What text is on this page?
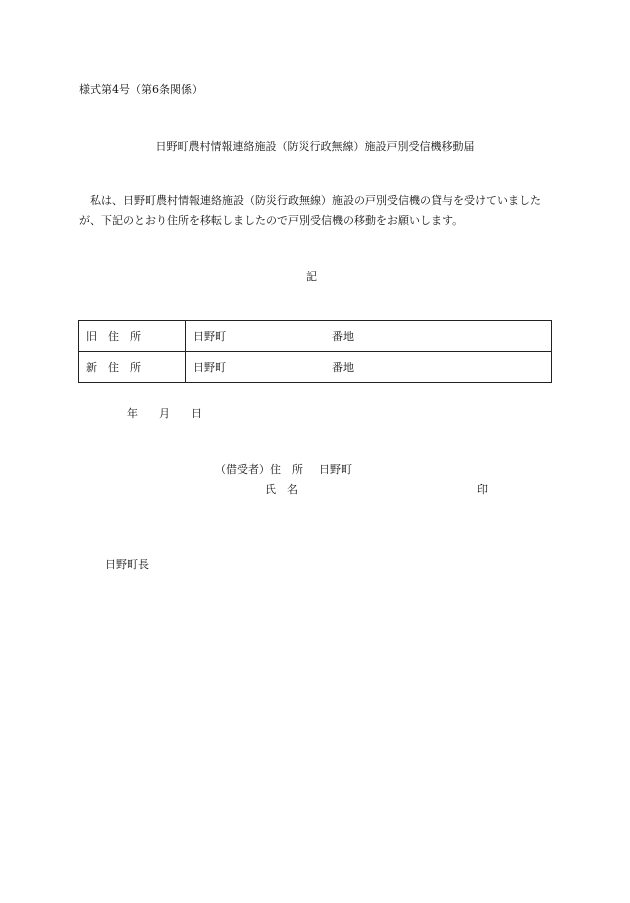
様式第4号（第6条関係）
日野町農村情報連絡施設（防災行政無線）施設戸別受信機移動届
私は、日野町農村情報連絡施設（防災行政無線）施設の戸別受信機の貸与を受けていましたが、下記のとおり住所を移転しましたので戸別受信機の移動をお願いします。
記
旧　住　所	日野町 番地
新　住　所	日野町 番地
年 月 日
（借受者）住　所 日野町
氏　名	印
日野町長
